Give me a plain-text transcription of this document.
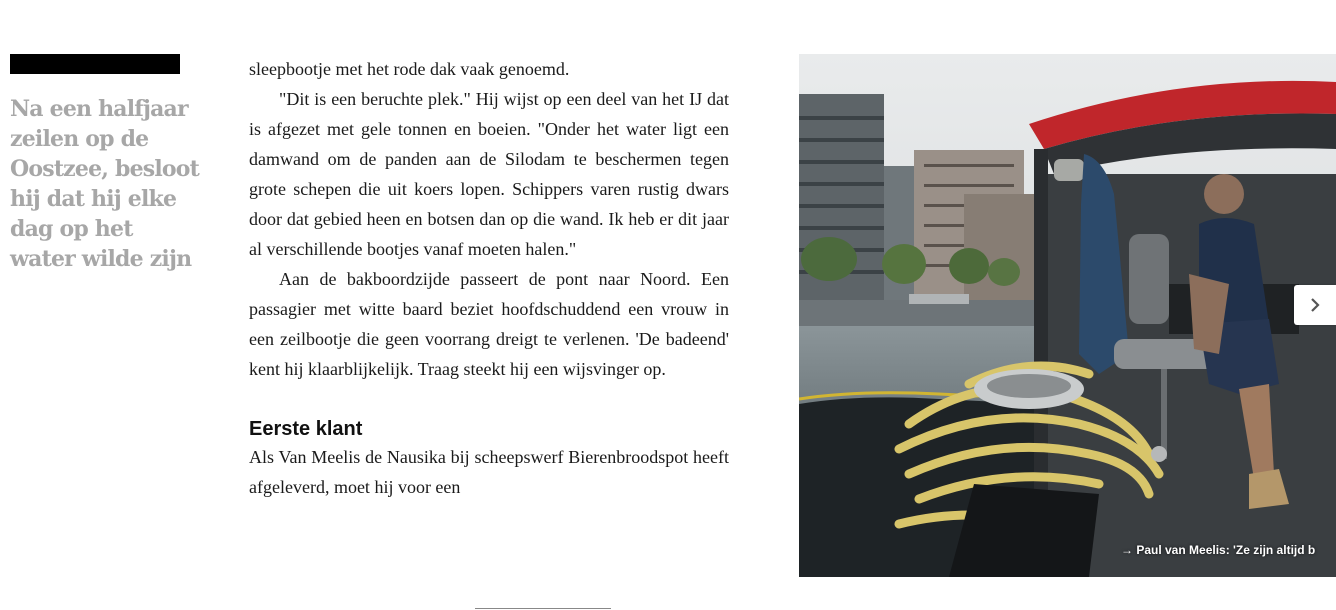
Na een halfjaar zeilen op de Oostzee, besloot hij dat hij elke dag op het water wilde zijn

sleepbootje met het rode dak vaak genoemd.

"Dit is een beruchte plek." Hij wijst op een deel van het IJ dat is afgezet met gele tonnen en boeien. "Onder het water ligt een damwand om de panden aan de Silodam te beschermen tegen grote schepen die uit koers lopen. Schippers varen rustig dwars door dat gebied heen en botsen dan op die wand. Ik heb er dit jaar al verschillende bootjes vanaf moeten halen."

Aan de bakboordzijde passeert de pont naar Noord. Een passagier met witte baard beziet hoofdschuddend een vrouw in een zeilbootje die geen voorrang dreigt te verlenen. 'De badeend' kent hij klaarblijkelijk. Traag steekt hij een wijsvinger op.

Eerste klant

Als Van Meelis de Nausika bij scheepswerf Bierenbroodspot heeft afgeleverd, moet hij voor een

→ Paul van Meelis: 'Ze zijn altijd b
